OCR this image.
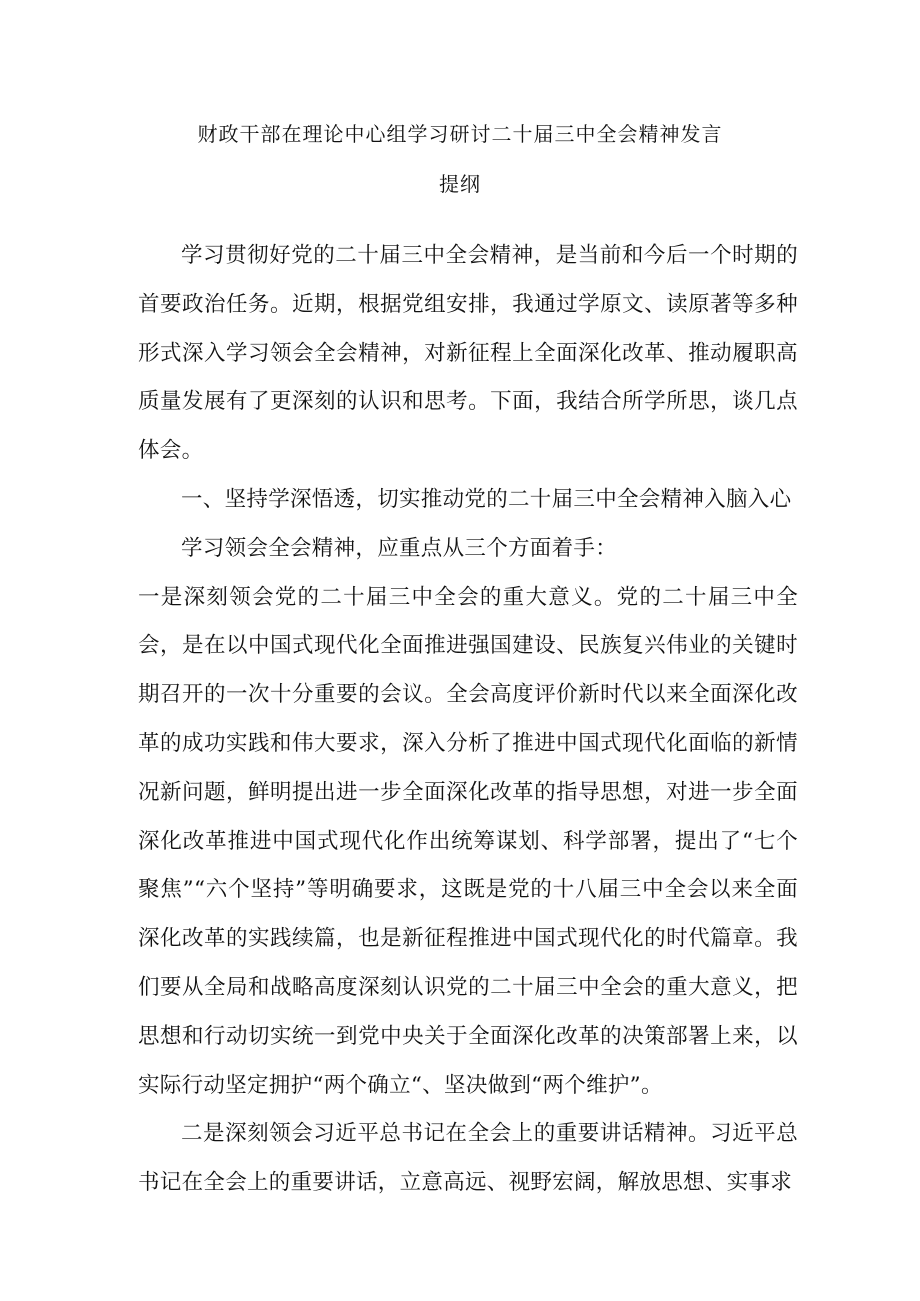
财政干部在理论中心组学习研讨二十届三中全会精神发言
提纲

学习贯彻好党的二十届三中全会精神，是当前和今后一个时期的首要政治任务。近期，根据党组安排，我通过学原文、读原著等多种形式深入学习领会全会精神，对新征程上全面深化改革、推动履职高质量发展有了更深刻的认识和思考。下面，我结合所学所思，谈几点体会。

一、坚持学深悟透，切实推动党的二十届三中全会精神入脑入心

学习领会全会精神，应重点从三个方面着手：

一是深刻领会党的二十届三中全会的重大意义。党的二十届三中全会，是在以中国式现代化全面推进强国建设、民族复兴伟业的关键时期召开的一次十分重要的会议。全会高度评价新时代以来全面深化改革的成功实践和伟大要求，深入分析了推进中国式现代化面临的新情况新问题，鲜明提出进一步全面深化改革的指导思想，对进一步全面深化改革推进中国式现代化作出统筹谋划、科学部署，提出了“七个聚焦”“六个坚持”等明确要求，这既是党的十八届三中全会以来全面深化改革的实践续篇，也是新征程推进中国式现代化的时代篇章。我们要从全局和战略高度深刻认识党的二十届三中全会的重大意义，把思想和行动切实统一到党中央关于全面深化改革的决策部署上来，以实际行动坚定拥护“两个确立“、坚决做到“两个维护”。

二是深刻领会习近平总书记在全会上的重要讲话精神。习近平总书记在全会上的重要讲话，立意高远、视野宏阔，解放思想、实事求
